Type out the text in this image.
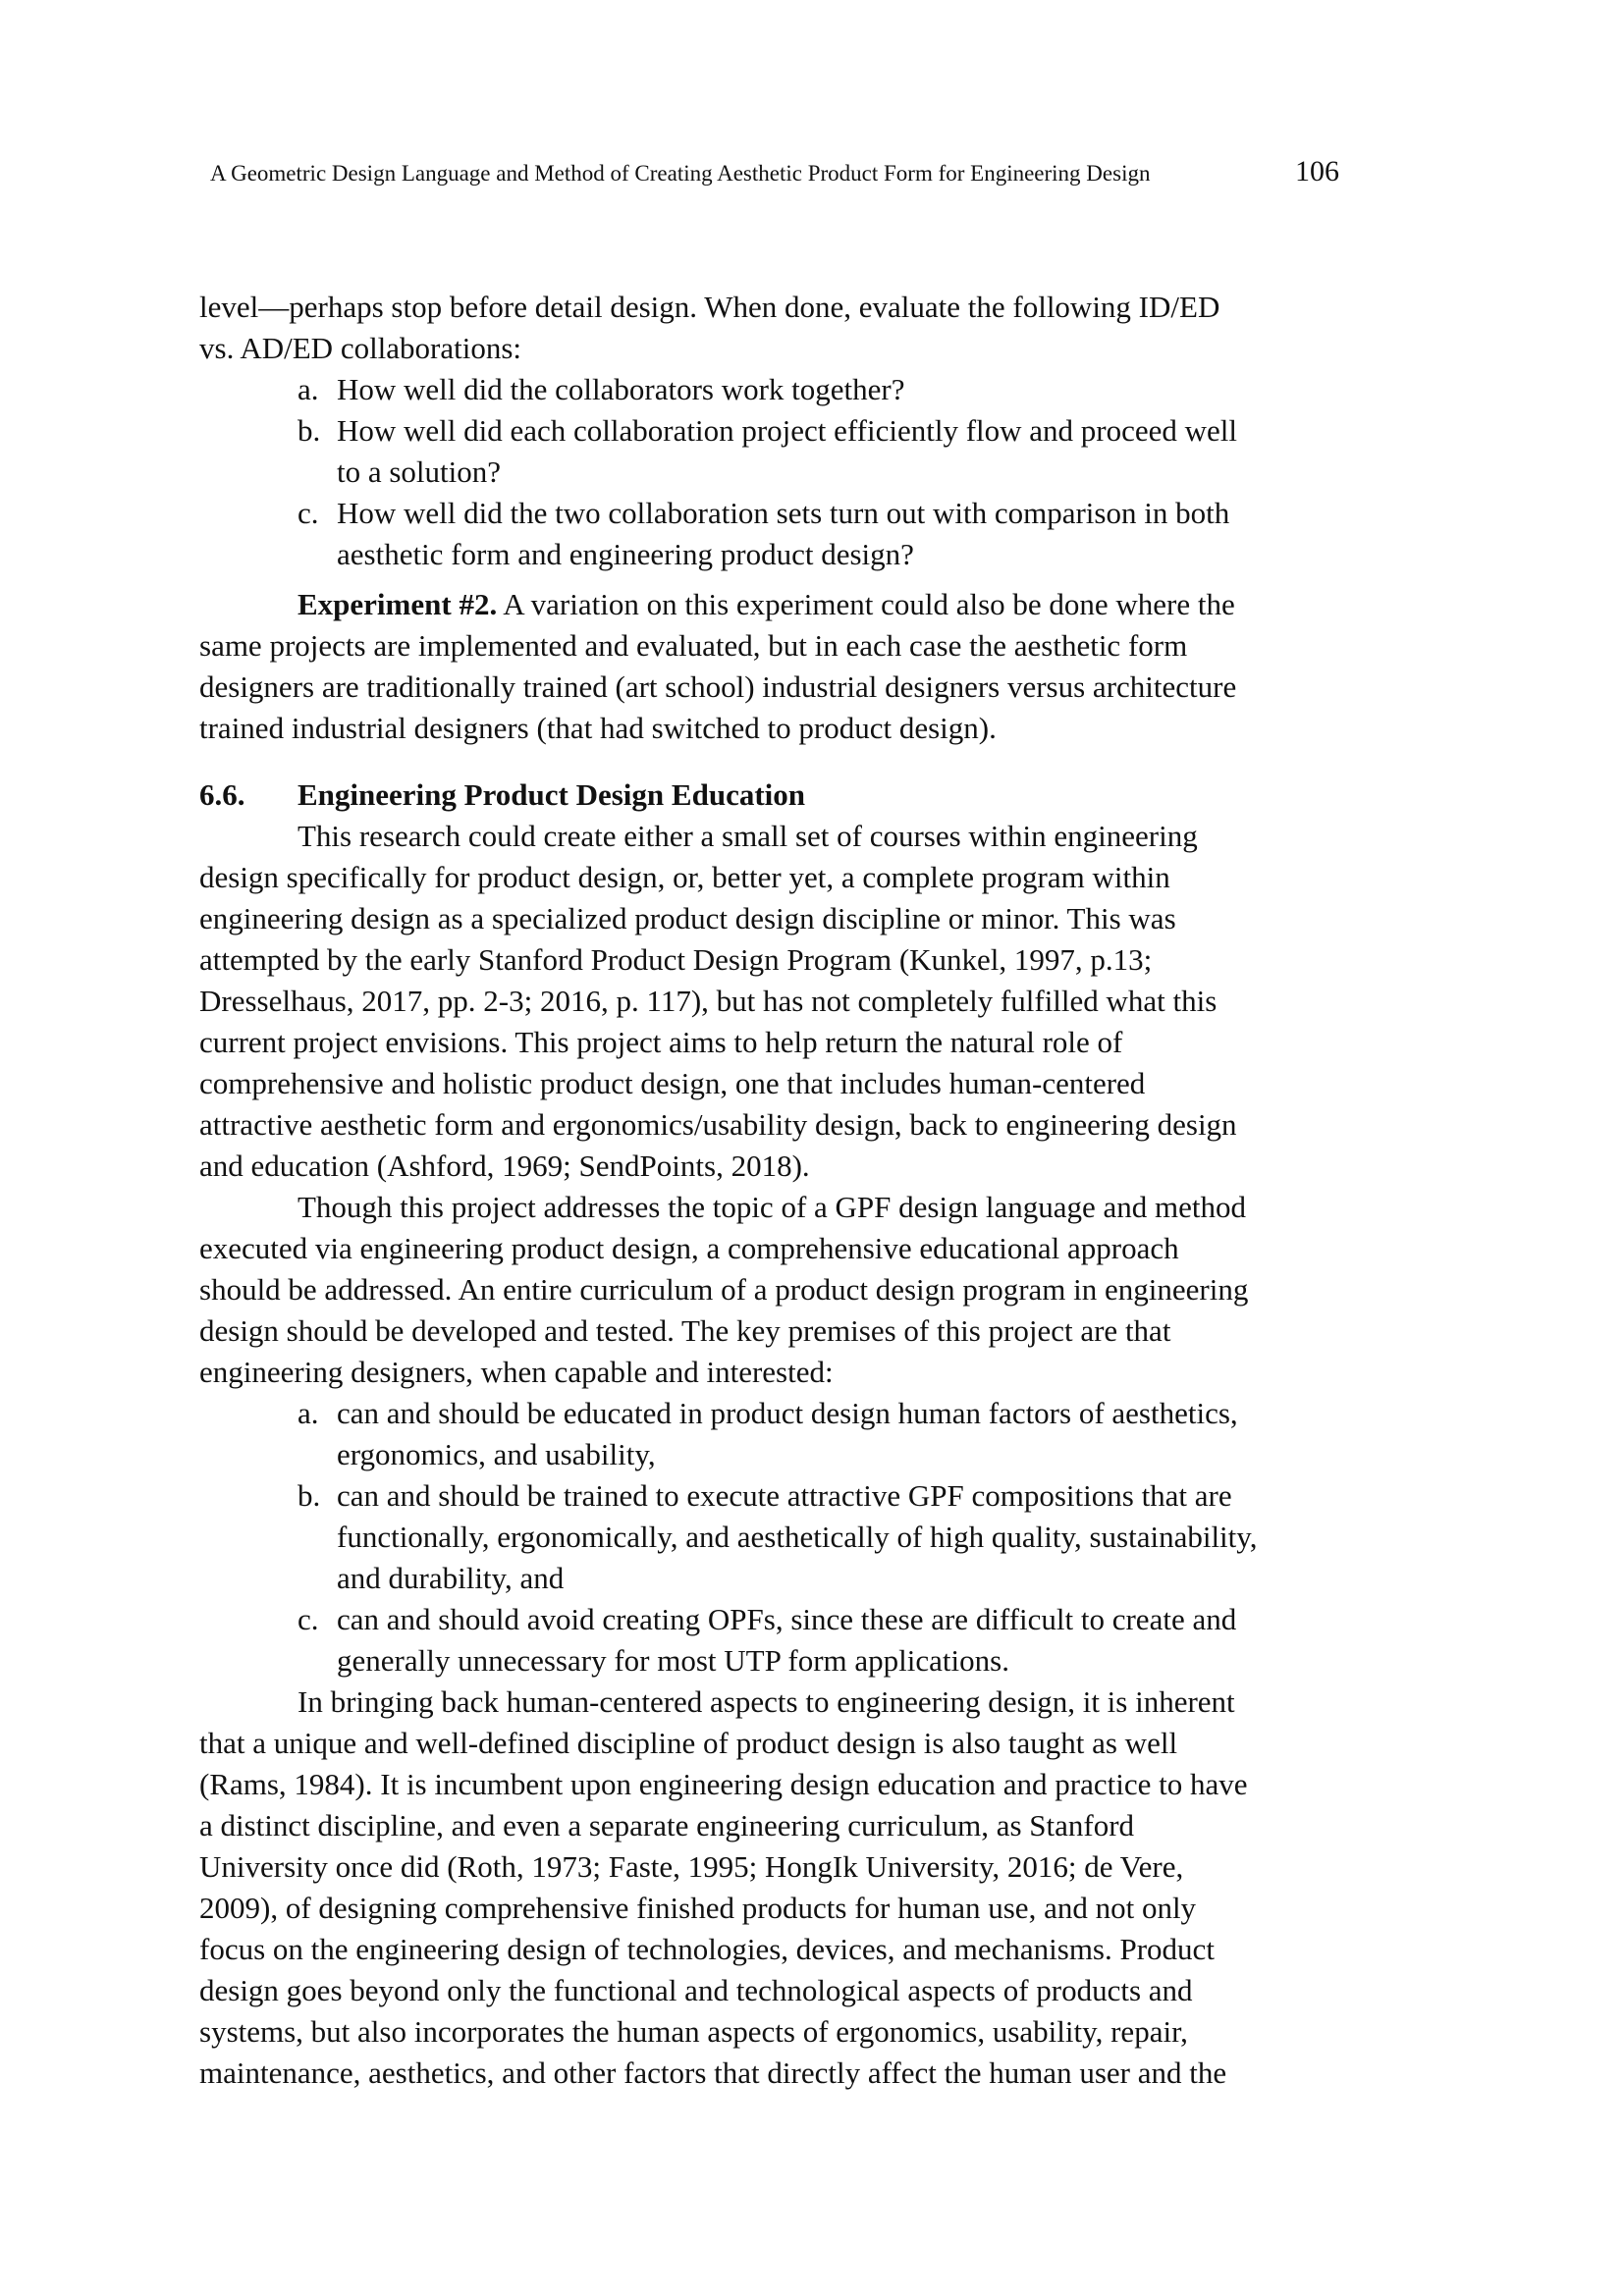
A Geometric Design Language and Method of Creating Aesthetic Product Form for Engineering Design	106
level—perhaps stop before detail design. When done, evaluate the following ID/ED
vs. AD/ED collaborations:
a. How well did the collaborators work together?
b. How well did each collaboration project efficiently flow and proceed well
to a solution?
c. How well did the two collaboration sets turn out with comparison in both
aesthetic form and engineering product design?
Experiment #2. A variation on this experiment could also be done where the
same projects are implemented and evaluated, but in each case the aesthetic form
designers are traditionally trained (art school) industrial designers versus architecture
trained industrial designers (that had switched to product design).
6.6. Engineering Product Design Education
This research could create either a small set of courses within engineering
design specifically for product design, or, better yet, a complete program within
engineering design as a specialized product design discipline or minor. This was
attempted by the early Stanford Product Design Program (Kunkel, 1997, p.13;
Dresselhaus, 2017, pp. 2-3; 2016, p. 117), but has not completely fulfilled what this
current project envisions. This project aims to help return the natural role of
comprehensive and holistic product design, one that includes human-centered
attractive aesthetic form and ergonomics/usability design, back to engineering design
and education (Ashford, 1969; SendPoints, 2018).
Though this project addresses the topic of a GPF design language and method
executed via engineering product design, a comprehensive educational approach
should be addressed. An entire curriculum of a product design program in engineering
design should be developed and tested. The key premises of this project are that
engineering designers, when capable and interested:
a. can and should be educated in product design human factors of aesthetics,
ergonomics, and usability,
b. can and should be trained to execute attractive GPF compositions that are
functionally, ergonomically, and aesthetically of high quality, sustainability,
and durability, and
c. can and should avoid creating OPFs, since these are difficult to create and
generally unnecessary for most UTP form applications.
In bringing back human-centered aspects to engineering design, it is inherent
that a unique and well-defined discipline of product design is also taught as well
(Rams, 1984). It is incumbent upon engineering design education and practice to have
a distinct discipline, and even a separate engineering curriculum, as Stanford
University once did (Roth, 1973; Faste, 1995; HongIk University, 2016; de Vere,
2009), of designing comprehensive finished products for human use, and not only
focus on the engineering design of technologies, devices, and mechanisms. Product
design goes beyond only the functional and technological aspects of products and
systems, but also incorporates the human aspects of ergonomics, usability, repair,
maintenance, aesthetics, and other factors that directly affect the human user and the
